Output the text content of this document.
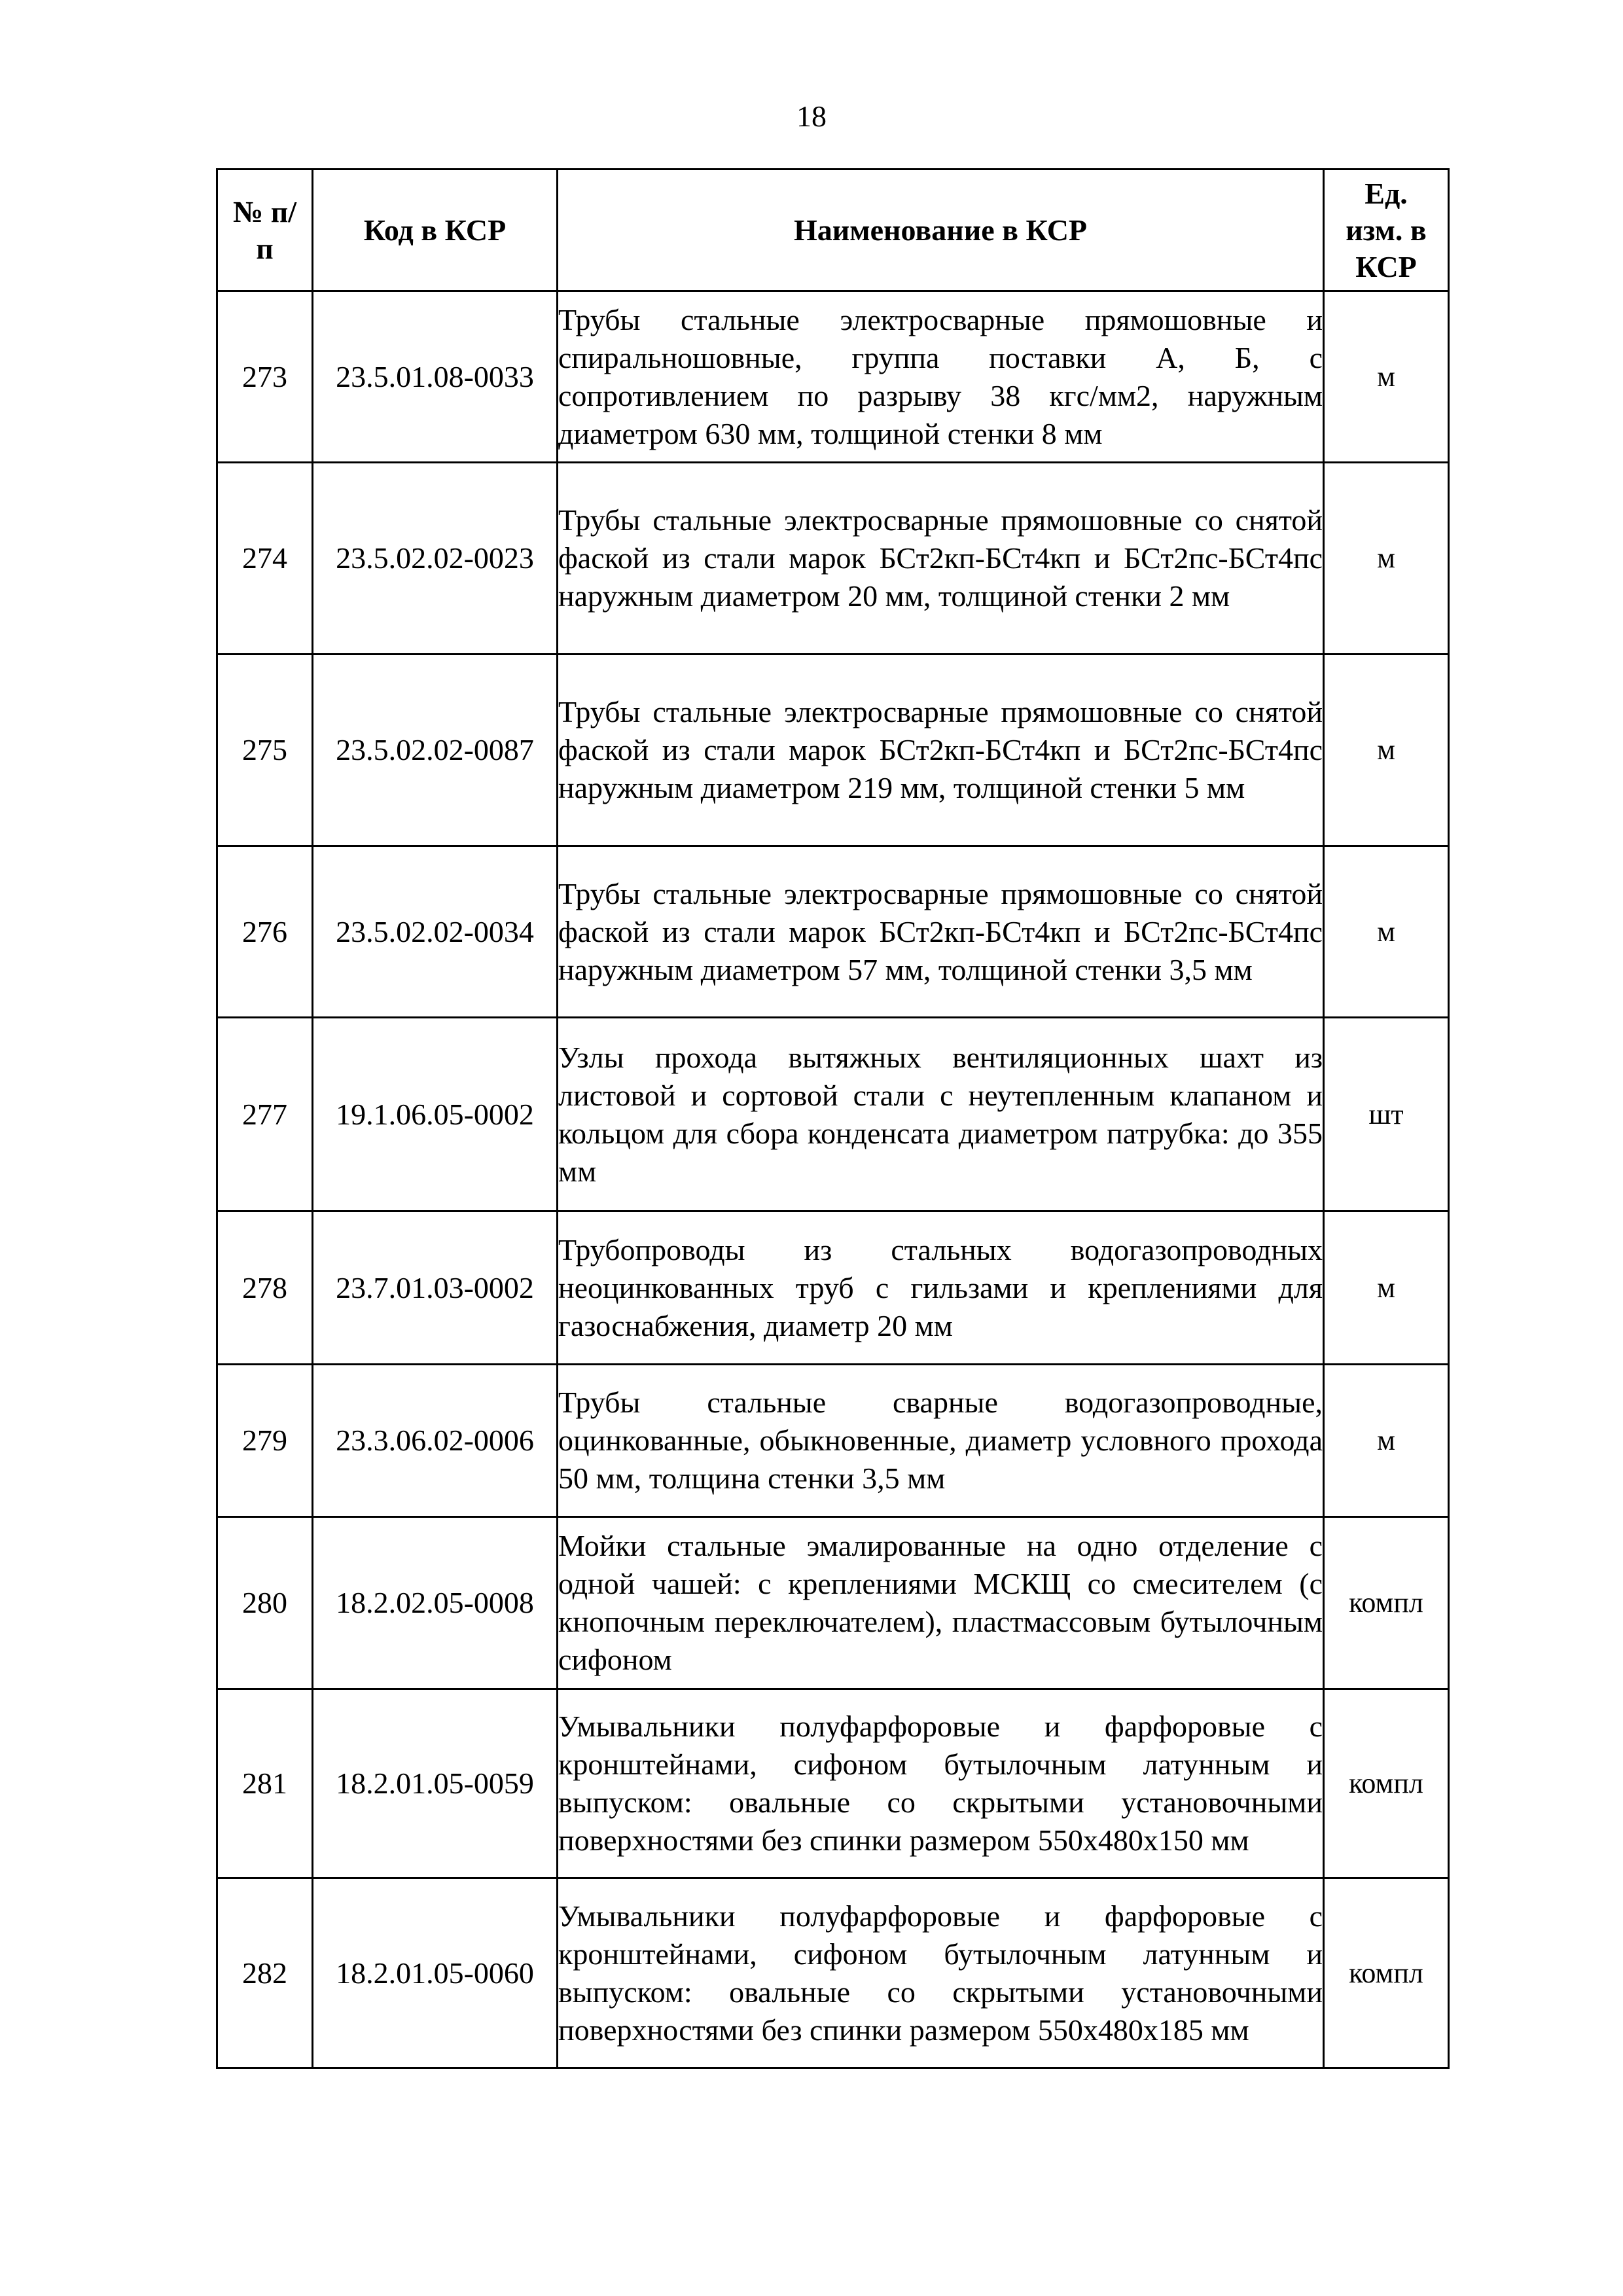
18
№ п/п	Код в КСР	Наименование в КСР	Ед. изм. в КСР
273	23.5.01.08-0033	Трубы стальные электросварные прямошовные и спиральношовные, группа поставки А, Б, с сопротивлением по разрыву 38 кгс/мм2, наружным диаметром 630 мм, толщиной стенки 8 мм	м
274	23.5.02.02-0023	Трубы стальные электросварные прямошовные со снятой фаской из стали марок БСт2кп-БСт4кп и БСт2пс-БСт4пс наружным диаметром 20 мм, толщиной стенки 2 мм	м
275	23.5.02.02-0087	Трубы стальные электросварные прямошовные со снятой фаской из стали марок БСт2кп-БСт4кп и БСт2пс-БСт4пс наружным диаметром 219 мм, толщиной стенки 5 мм	м
276	23.5.02.02-0034	Трубы стальные электросварные прямошовные со снятой фаской из стали марок БСт2кп-БСт4кп и БСт2пс-БСт4пс наружным диаметром 57 мм, толщиной стенки 3,5 мм	м
277	19.1.06.05-0002	Узлы прохода вытяжных вентиляционных шахт из листовой и сортовой стали с неутепленным клапаном и кольцом для сбора конденсата диаметром патрубка: до 355 мм	шт
278	23.7.01.03-0002	Трубопроводы из стальных водогазопроводных неоцинкованных труб с гильзами и креплениями для газоснабжения, диаметр 20 мм	м
279	23.3.06.02-0006	Трубы стальные сварные водогазопроводные, оцинкованные, обыкновенные, диаметр условного прохода 50 мм, толщина стенки 3,5 мм	м
280	18.2.02.05-0008	Мойки стальные эмалированные на одно отделение с одной чашей: с креплениями МСКЩ со смесителем (с кнопочным переключателем), пластмассовым бутылочным сифоном	компл
281	18.2.01.05-0059	Умывальники полуфарфоровые и фарфоровые с кронштейнами, сифоном бутылочным латунным и выпуском: овальные со скрытыми установочными поверхностями без спинки размером 550х480х150 мм	компл
282	18.2.01.05-0060	Умывальники полуфарфоровые и фарфоровые с кронштейнами, сифоном бутылочным латунным и выпуском: овальные со скрытыми установочными поверхностями без спинки размером 550х480х185 мм	компл
